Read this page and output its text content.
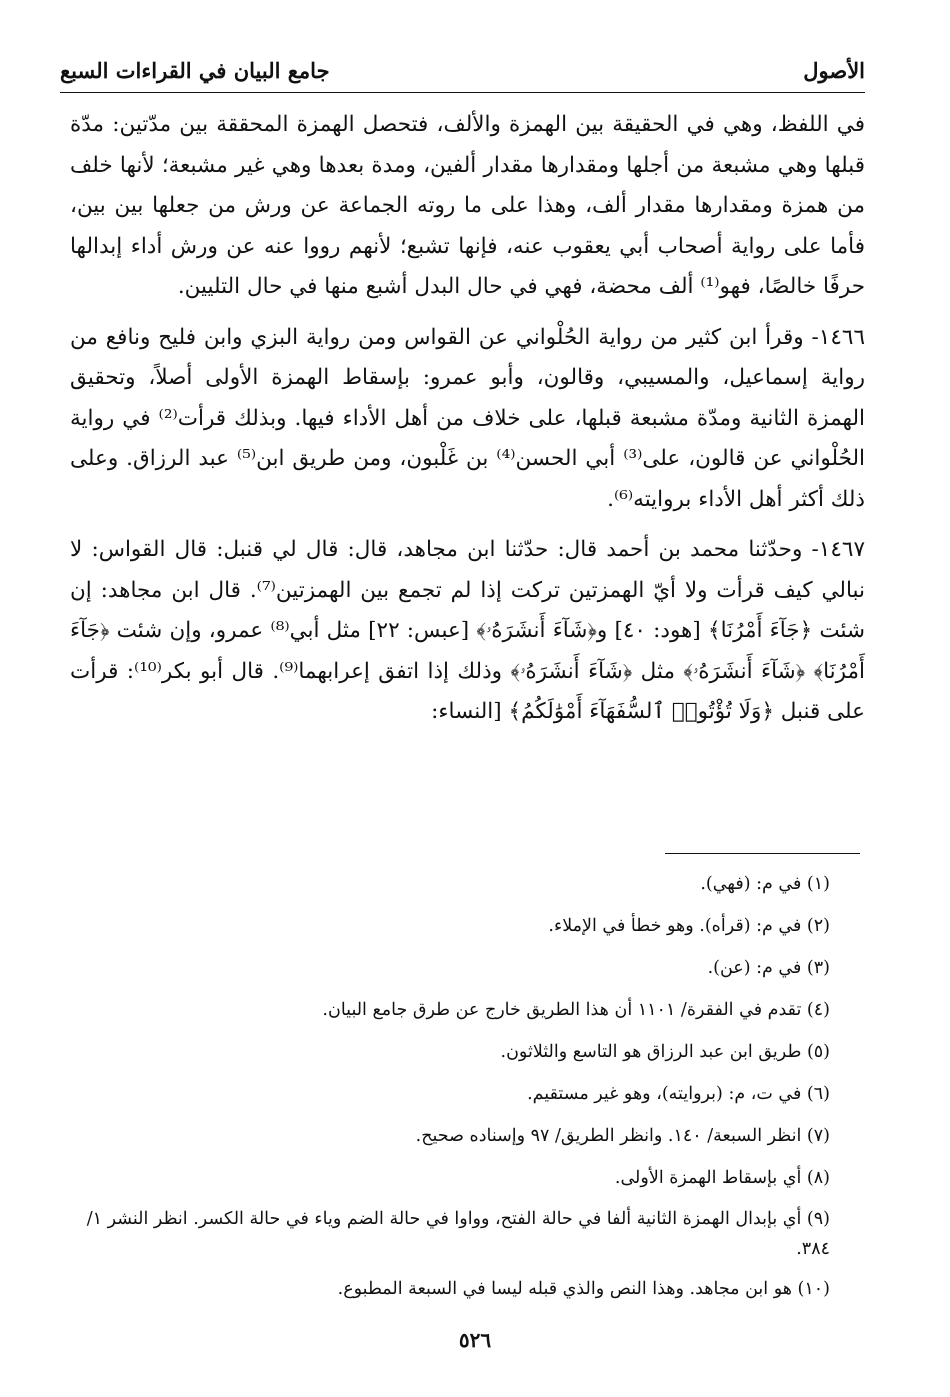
الأصول
جامع البيان في القراءات السبع

في اللفظ، وهي في الحقيقة بين الهمزة والألف، فتحصل الهمزة المحققة بين مدّتين: مدّة قبلها وهي مشبعة من أجلها ومقدارها مقدار ألفين، ومدة بعدها وهي غير مشبعة؛ لأنها خلف من همزة ومقدارها مقدار ألف، وهذا على ما روته الجماعة عن ورش من جعلها بين بين، فأما على رواية أصحاب أبي يعقوب عنه، فإنها تشبع؛ لأنهم رووا عنه عن ورش أداء إبدالها حرفًا خالصًا، فهو⁽¹⁾ ألف محضة، فهي في حال البدل أشبع منها في حال التليين.

١٤٦٦- وقرأ ابن كثير من رواية الحُلْواني عن القواس ومن رواية البزي وابن فليح ونافع من رواية إسماعيل، والمسيبي، وقالون، وأبو عمرو: بإسقاط الهمزة الأولى أصلاً، وتحقيق الهمزة الثانية ومدّة مشبعة قبلها، على خلاف من أهل الأداء فيها. وبذلك قرأت⁽²⁾ في رواية الحُلْواني عن قالون، على⁽³⁾ أبي الحسن⁽⁴⁾ بن غَلْبون، ومن طريق ابن⁽⁵⁾ عبد الرزاق. وعلى ذلك أكثر أهل الأداء بروايته⁽⁶⁾.

١٤٦٧- وحدّثنا محمد بن أحمد قال: حدّثنا ابن مجاهد، قال: قال لي قنبل: قال القواس: لا نبالي كيف قرأت ولا أيّ الهمزتين تركت إذا لم تجمع بين الهمزتين⁽⁷⁾. قال ابن مجاهد: إن شئت ﴿جَآءَ أَمْرُنَا﴾ [هود: ٤٠] و﴿شَآءَ أَنشَرَهُۥ﴾ [عبس: ٢٢] مثل أبي⁽⁸⁾ عمرو، وإن شئت ﴿جَآءَ أَمْرُنَا﴾ ﴿شَآءَ أَنشَرَهُۥ﴾ مثل ﴿شَآءَ أَنشَرَهُۥ﴾ وذلك إذا اتفق إعرابهما⁽⁹⁾. قال أبو بكر⁽¹⁰⁾: قرأت على قنبل ﴿وَلَا تُؤْتُوا۟ ٱلسُّفَهَآءَ أَمْوَٰلَكُمُ﴾ [النساء:

(١) في م: (فهي).
(٢) في م: (قرأه). وهو خطأ في الإملاء.
(٣) في م: (عن).
(٤) تقدم في الفقرة/ ١١٠١ أن هذا الطريق خارج عن طرق جامع البيان.
(٥) طريق ابن عبد الرزاق هو التاسع والثلاثون.
(٦) في ت، م: (بروايته)، وهو غير مستقيم.
(٧) انظر السبعة/ ١٤٠. وانظر الطريق/ ٩٧ وإسناده صحيح.
(٨) أي بإسقاط الهمزة الأولى.
(٩) أي بإبدال الهمزة الثانية ألفا في حالة الفتح، وواوا في حالة الضم وياء في حالة الكسر. انظر النشر ١/ ٣٨٤.
(١٠) هو ابن مجاهد. وهذا النص والذي قبله ليسا في السبعة المطبوع.
٥٢٦
